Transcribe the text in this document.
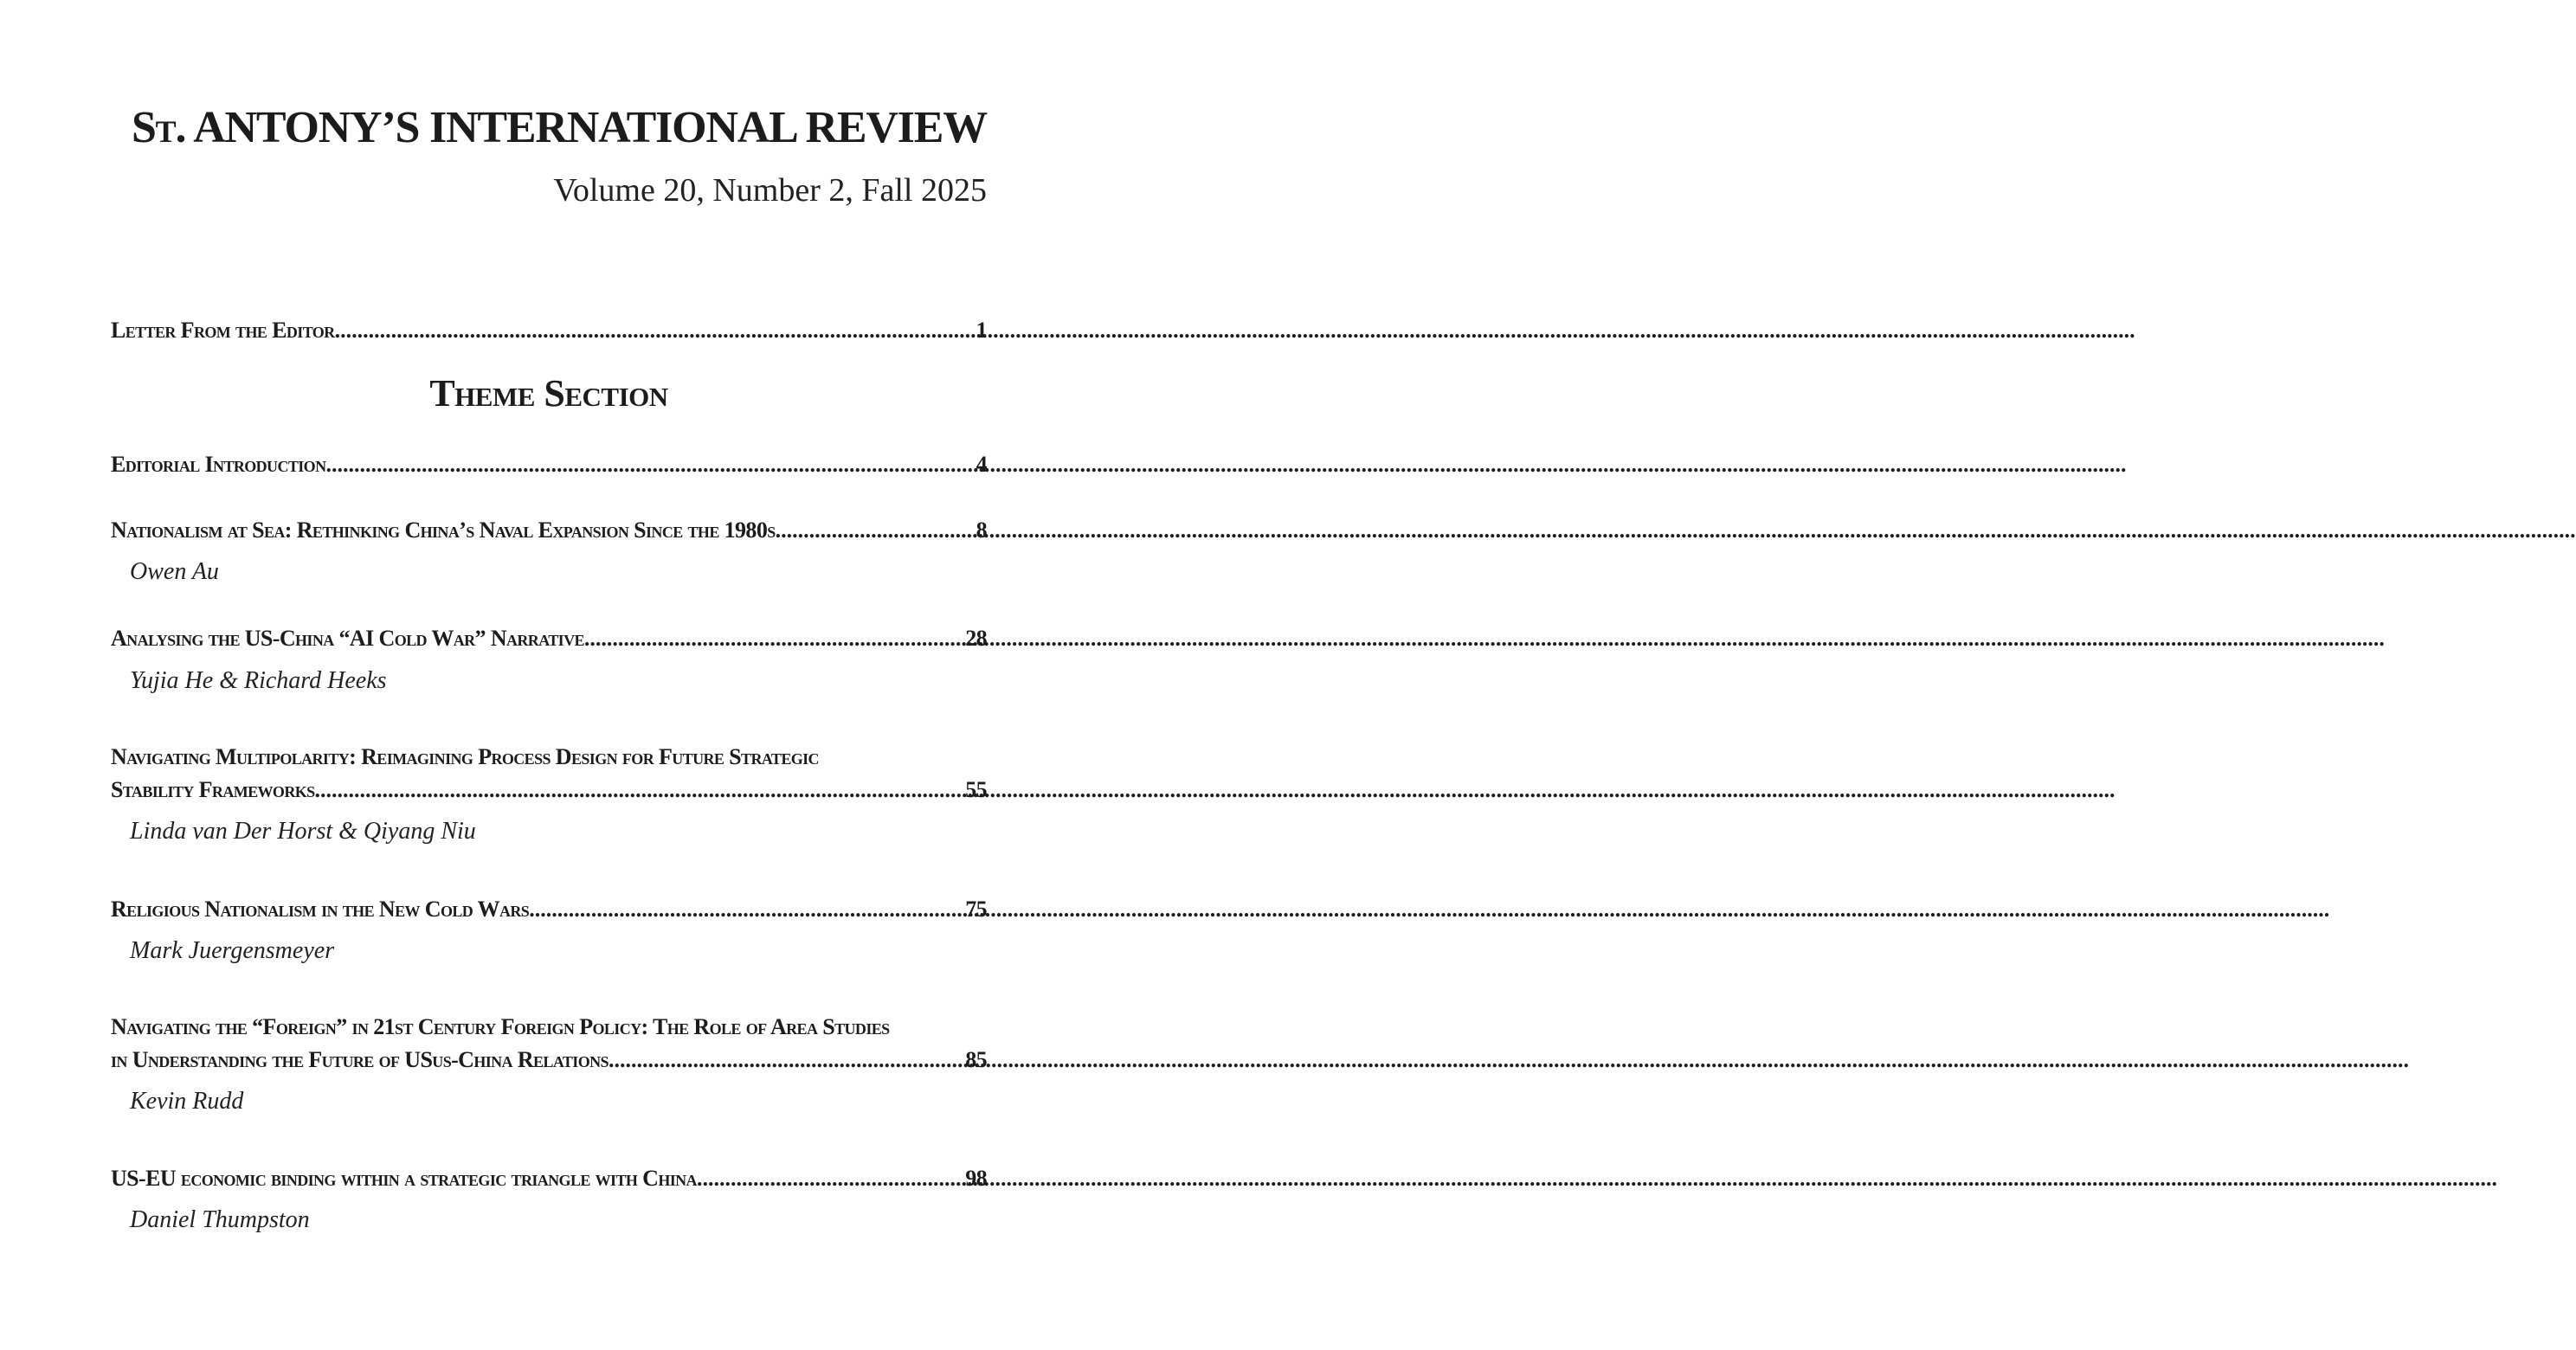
St. ANTONY’S INTERNATIONAL REVIEW
Volume 20, Number 2, Fall 2025
Letter From the Editor .....	1
Theme Section
Editorial Introduction .....	4
Nationalism at Sea: Rethinking China’s Naval Expansion Since the 1980s .....	8
Owen Au
Analysing the US-China “AI Cold War” Narrative .....	28
Yujia He & Richard Heeks
Navigating Multipolarity: Reimagining Process Design for Future Strategic
Stability Frameworks .....	55
Linda van Der Horst & Qiyang Niu
Religious Nationalism in the New Cold Wars .....	75
Mark Juergensmeyer
Navigating the “Foreign” in 21st Century Foreign Policy: The Role of Area Studies
in Understanding the Future of USus-China Relations .....	85
Kevin Rudd
US-EU economic binding within a strategic triangle with China .....	98
Daniel Thumpston
